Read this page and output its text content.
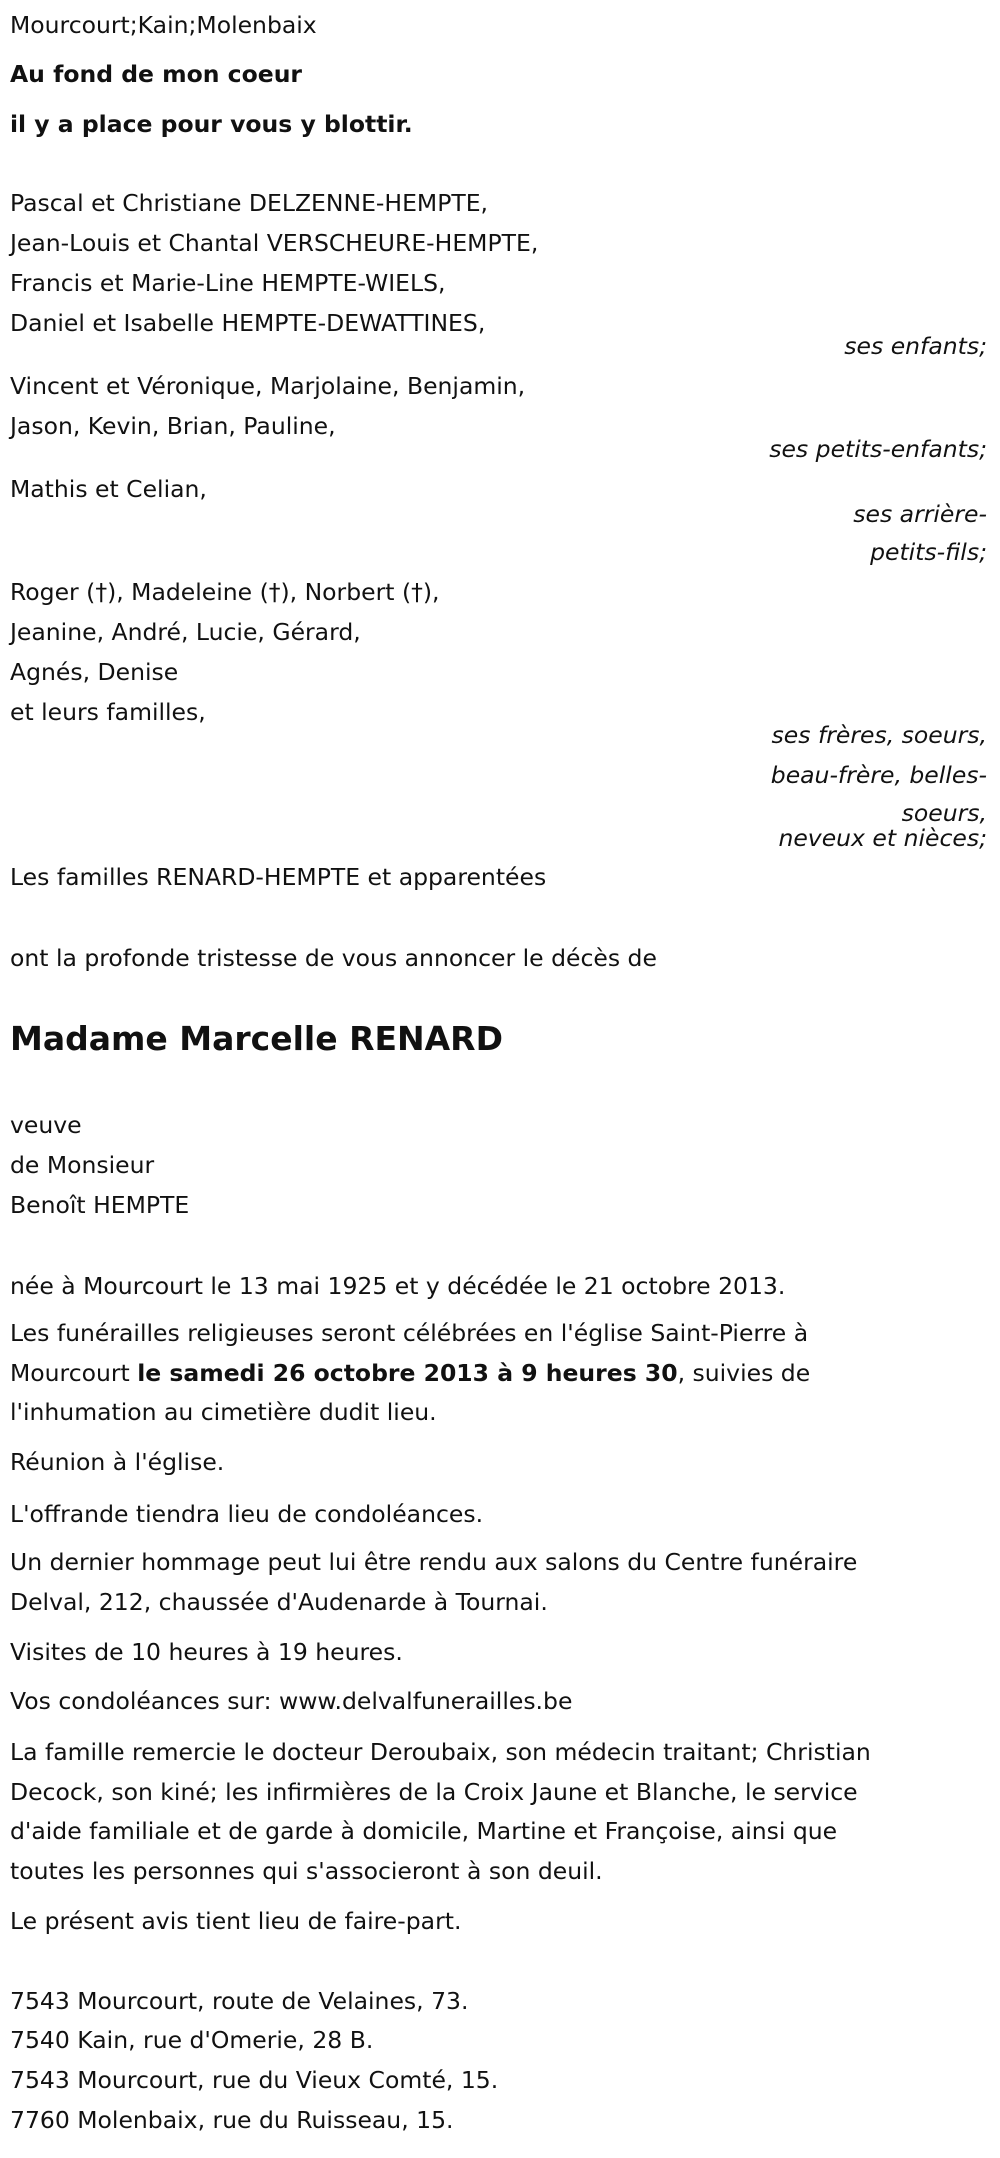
Mourcourt;Kain;Molenbaix
Au fond de mon coeur
il y a place pour vous y blottir.
Pascal et Christiane DELZENNE-HEMPTE,
Jean-Louis et Chantal VERSCHEURE-HEMPTE,
Francis et Marie-Line HEMPTE-WIELS,
Daniel et Isabelle HEMPTE-DEWATTINES,
ses enfants;
Vincent et Véronique, Marjolaine, Benjamin,
Jason, Kevin, Brian, Pauline,
ses petits-enfants;
Mathis et Celian,
ses arrière-
petits-fils;
Roger (†), Madeleine (†), Norbert (†),
Jeanine, André, Lucie, Gérard,
Agnés, Denise
et leurs familles,
ses frères, soeurs,
beau-frère, belles-
soeurs,
neveux et nièces;
Les familles RENARD-HEMPTE et apparentées
ont la profonde tristesse de vous annoncer le décès de
Madame Marcelle RENARD
veuve
de Monsieur
Benoît HEMPTE
née à Mourcourt le 13 mai 1925 et y décédée le 21 octobre 2013.
Les funérailles religieuses seront célébrées en l'église Saint-Pierre à
Mourcourt le samedi 26 octobre 2013 à 9 heures 30, suivies de
l'inhumation au cimetière dudit lieu.
Réunion à l'église.
L'offrande tiendra lieu de condoléances.
Un dernier hommage peut lui être rendu aux salons du Centre funéraire
Delval, 212, chaussée d'Audenarde à Tournai.
Visites de 10 heures à 19 heures.
Vos condoléances sur: www.delvalfunerailles.be
La famille remercie le docteur Deroubaix, son médecin traitant; Christian
Decock, son kiné; les infirmières de la Croix Jaune et Blanche, le service
d'aide familiale et de garde à domicile, Martine et Françoise, ainsi que
toutes les personnes qui s'associeront à son deuil.
Le présent avis tient lieu de faire-part.
7543 Mourcourt, route de Velaines, 73.
7540 Kain, rue d'Omerie, 28 B.
7543 Mourcourt, rue du Vieux Comté, 15.
7760 Molenbaix, rue du Ruisseau, 15.
